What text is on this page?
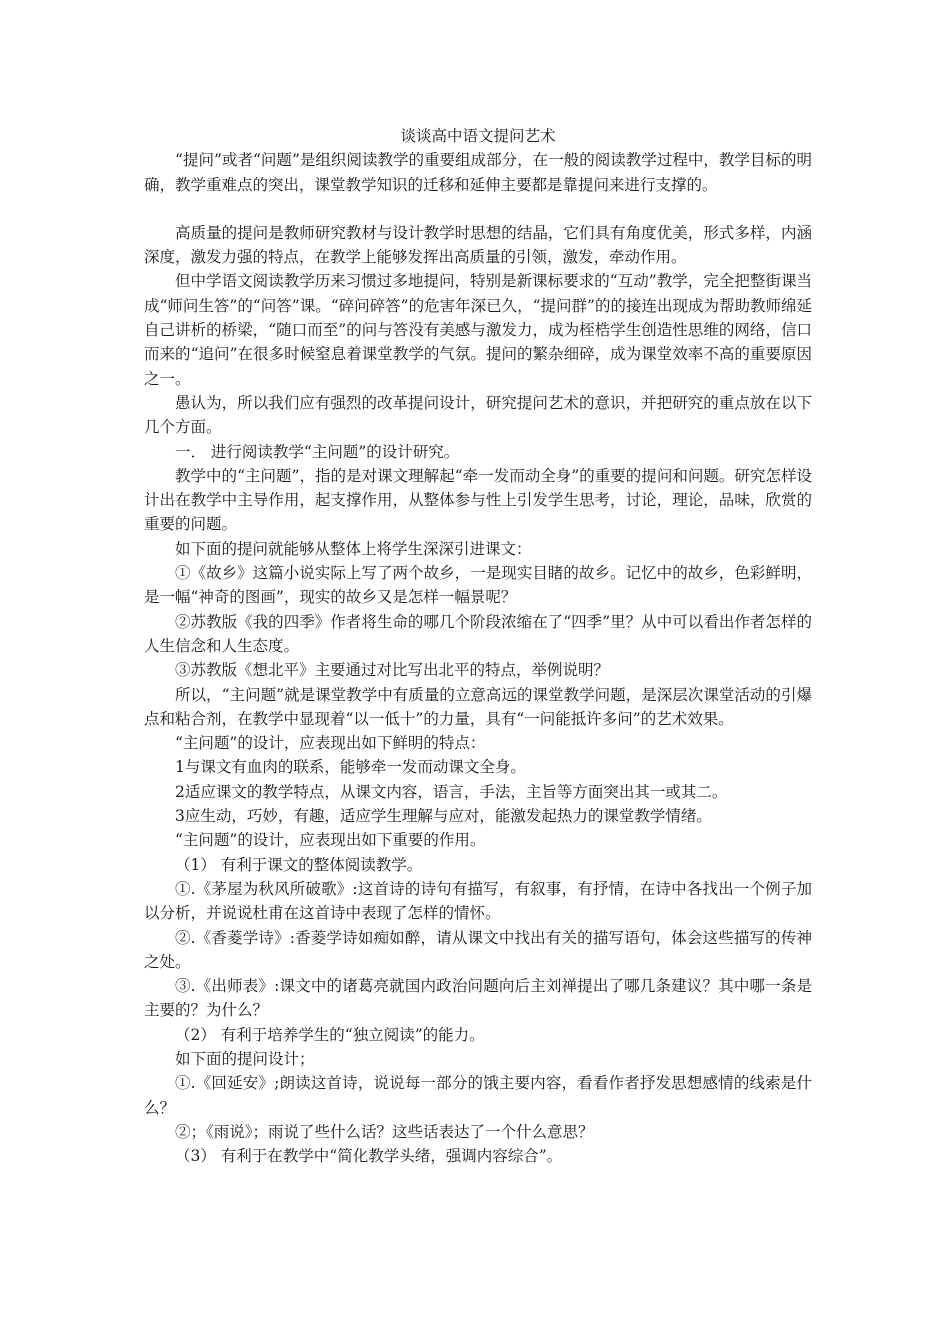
谈谈高中语文提问艺术

“提问”或者“问题”是组织阅读教学的重要组成部分，在一般的阅读教学过程中，教学目标的明确，教学重难点的突出，课堂教学知识的迁移和延伸主要都是靠提问来进行支撑的。

高质量的提问是教师研究教材与设计教学时思想的结晶，它们具有角度优美，形式多样，内涵深度，激发力强的特点，在教学上能够发挥出高质量的引领，激发，牵动作用。

但中学语文阅读教学历来习惯过多地提问，特别是新课标要求的“互动”教学，完全把整街课当成“师问生答”的“问答”课。“碎问碎答”的危害年深已久，“提问群”的的接连出现成为帮助教师绵延自己讲析的桥梁，“随口而至”的问与答没有美感与激发力，成为桎梏学生创造性思维的网络，信口而来的“追问”在很多时候窒息着课堂教学的气氛。提问的繁杂细碎，成为课堂效率不高的重要原因之一。

愚认为，所以我们应有强烈的改革提问设计，研究提问艺术的意识，并把研究的重点放在以下几个方面。

一． 进行阅读教学“主问题”的设计研究。

教学中的“主问题”，指的是对课文理解起“牵一发而动全身”的重要的提问和问题。研究怎样设计出在教学中主导作用，起支撑作用，从整体参与性上引发学生思考，讨论，理论，品味，欣赏的重要的问题。

如下面的提问就能够从整体上将学生深深引进课文：

①《故乡》这篇小说实际上写了两个故乡，一是现实目睹的故乡。记忆中的故乡，色彩鲜明，是一幅“神奇的图画”，现实的故乡又是怎样一幅景呢？

②苏教版《我的四季》作者将生命的哪几个阶段浓缩在了“四季”里？从中可以看出作者怎样的人生信念和人生态度。

③苏教版《想北平》主要通过对比写出北平的特点，举例说明？

所以，“主问题”就是课堂教学中有质量的立意高远的课堂教学问题，是深层次课堂活动的引爆点和粘合剂，在教学中显现着“以一低十”的力量，具有“一问能抵许多问”的艺术效果。

“主问题”的设计，应表现出如下鲜明的特点：

1与课文有血肉的联系，能够牵一发而动课文全身。

2适应课文的教学特点，从课文内容，语言，手法，主旨等方面突出其一或其二。

3应生动，巧妙，有趣，适应学生理解与应对，能激发起热力的课堂教学情绪。

“主问题”的设计，应表现出如下重要的作用。

（1） 有利于课文的整体阅读教学。

①.《茅屋为秋风所破歌》:这首诗的诗句有描写，有叙事，有抒情，在诗中各找出一个例子加以分析，并说说杜甫在这首诗中表现了怎样的情怀。

②.《香菱学诗》:香菱学诗如痴如醉，请从课文中找出有关的描写语句，体会这些描写的传神之处。

③.《出师表》:课文中的诸葛亮就国内政治问题向后主刘禅提出了哪几条建议？其中哪一条是主要的？为什么？

（2） 有利于培养学生的“独立阅读”的能力。

如下面的提问设计；

①.《回延安》;朗读这首诗，说说每一部分的饿主要内容，看看作者抒发思想感情的线索是什么？

②；《雨说》；雨说了些什么话？这些话表达了一个什么意思？

（3） 有利于在教学中“简化教学头绪，强调内容综合”。
